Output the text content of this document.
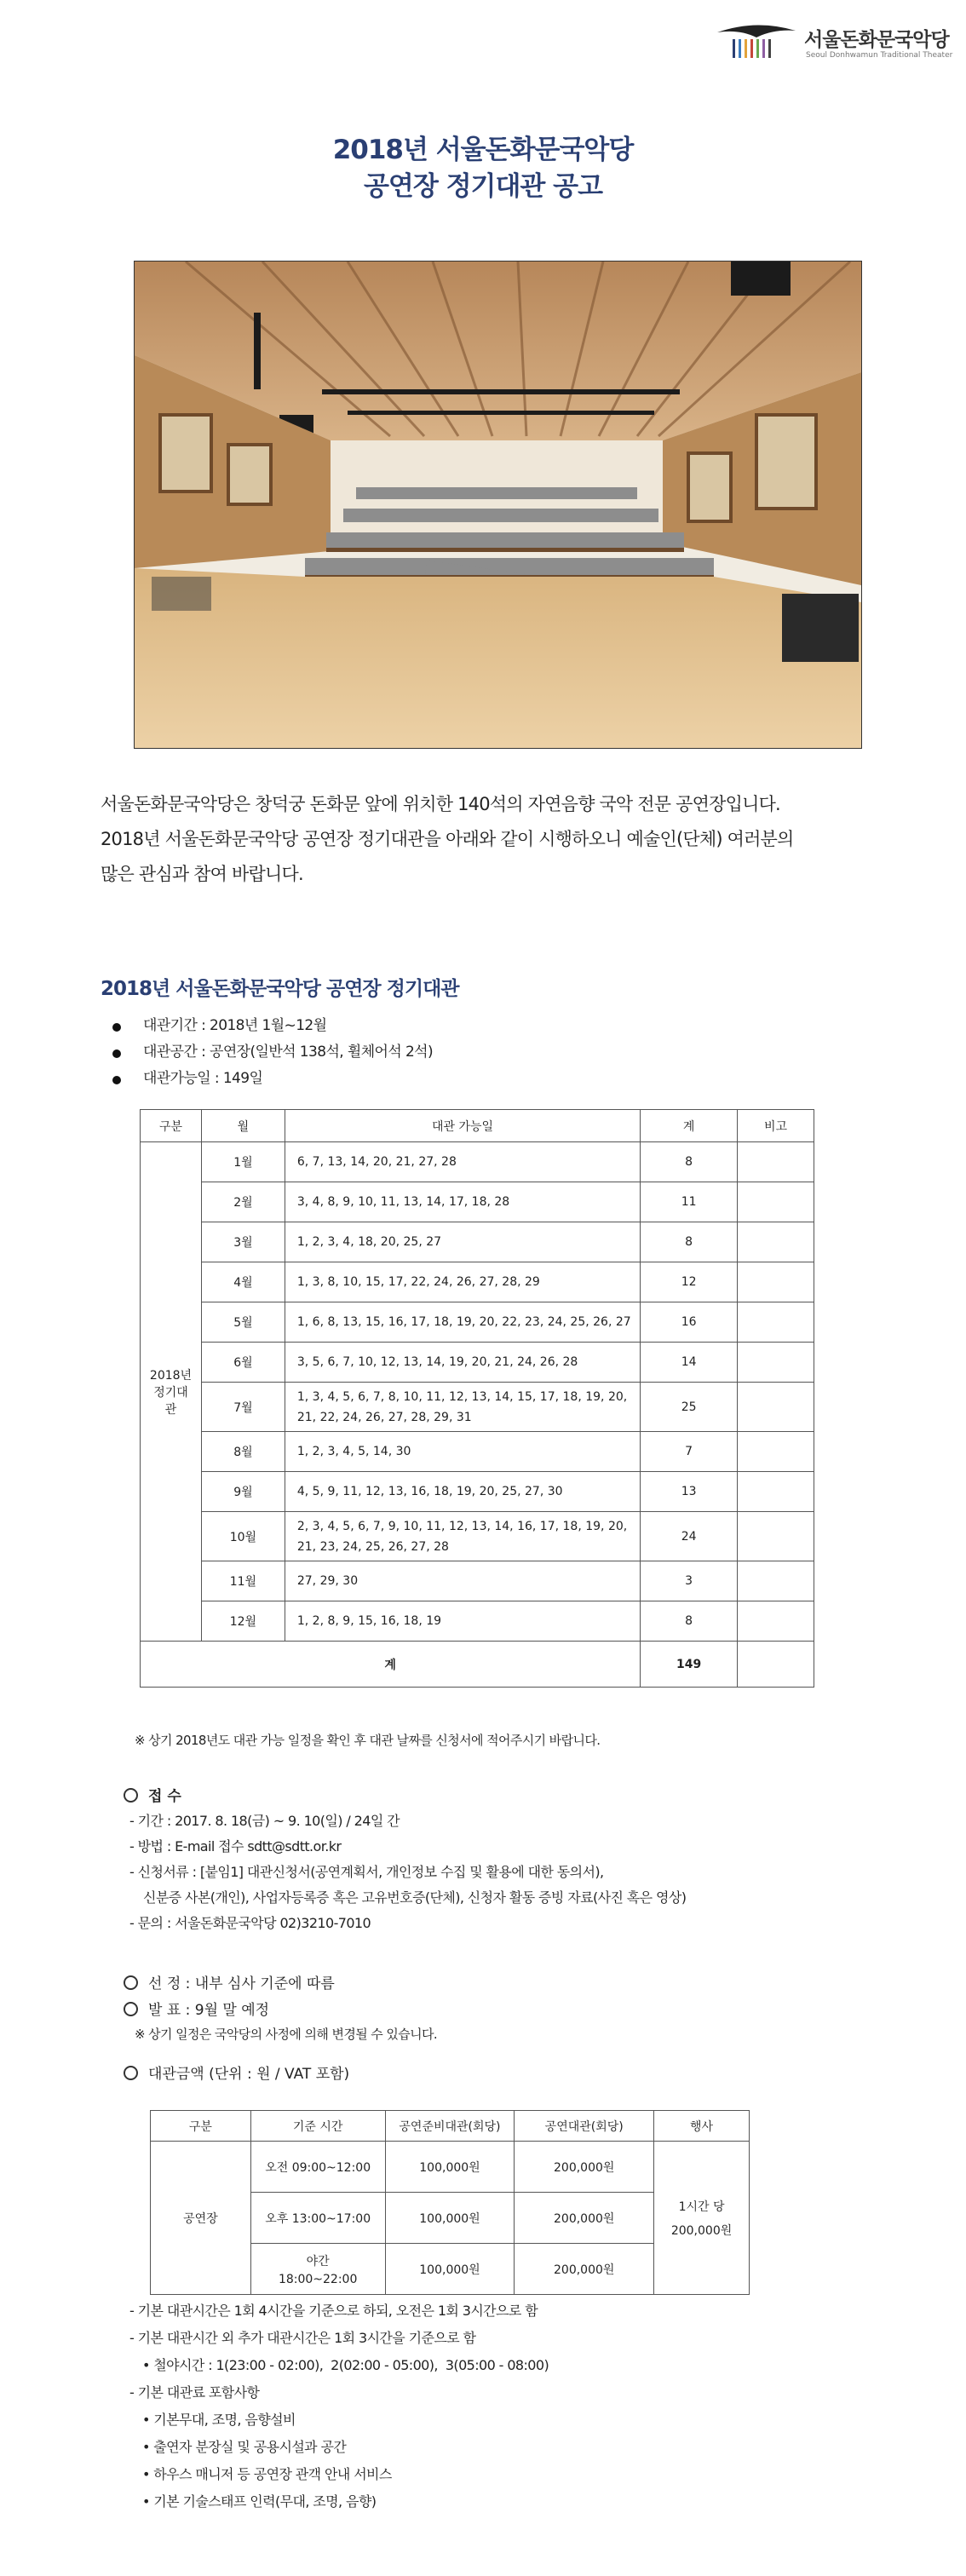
서울돈화문국악당
Seoul Donhwamun Traditional Theater
2018년 서울돈화문국악당
공연장 정기대관 공고
서울돈화문국악당은 창덕궁 돈화문 앞에 위치한 140석의 자연음향 국악 전문 공연장입니다.
2018년 서울돈화문국악당 공연장 정기대관을 아래와 같이 시행하오니 예술인(단체) 여러분의
많은 관심과 참여 바랍니다.
2018년 서울돈화문국악당 공연장 정기대관
대관기간 : 2018년 1월~12월
대관공간 : 공연장(일반석 138석, 휠체어석 2석)
대관가능일 : 149일
구분	월	대관 가능일	계	비고

2018년
정기대관	1월	6, 7, 13, 14, 20, 21, 27, 28	8	
	2월	3, 4, 8, 9, 10, 11, 13, 14, 17, 18, 28	11	
	3월	1, 2, 3, 4, 18, 20, 25, 27	8	
	4월	1, 3, 8, 10, 15, 17, 22, 24, 26, 27, 28, 29	12	
	5월	1, 6, 8, 13, 15, 16, 17, 18, 19, 20, 22, 23, 24, 25, 26, 27	16	
	6월	3, 5, 6, 7, 10, 12, 13, 14, 19, 20, 21, 24, 26, 28	14	
	7월	1, 3, 4, 5, 6, 7, 8, 10, 11, 12, 13, 14, 15, 17, 18, 19, 20,
21, 22, 24, 26, 27, 28, 29, 31	25	
	8월	1, 2, 3, 4, 5, 14, 30	7	
	9월	4, 5, 9, 11, 12, 13, 16, 18, 19, 20, 25, 27, 30	13	
	10월	2, 3, 4, 5, 6, 7, 9, 10, 11, 12, 13, 14, 16, 17, 18, 19, 20,
21, 23, 24, 25, 26, 27, 28	24	
	11월	27, 29, 30	3	
	12월	1, 2, 8, 9, 15, 16, 18, 19	8	
계			149	
※ 상기 2018년도 대관 가능 일정을 확인 후 대관 날짜를 신청서에 적어주시기 바랍니다.
접 수
- 기간 : 2017. 8. 18(금) ~ 9. 10(일) / 24일 간
- 방법 : E-mail 접수 sdtt@sdtt.or.kr
- 신청서류 : [붙임1] 대관신청서(공연계획서, 개인정보 수집 및 활용에 대한 동의서),
신분증 사본(개인), 사업자등록증 혹은 고유번호증(단체), 신청자 활동 증빙 자료(사진 혹은 영상)
- 문의 : 서울돈화문국악당 02)3210-7010
선 정 : 내부 심사 기준에 따름
발 표 : 9월 말 예정
※ 상기 일정은 국악당의 사정에 의해 변경될 수 있습니다.
대관금액 (단위 : 원 / VAT 포함)
구분	기준 시간	공연준비대관(회당)	공연대관(회당)	행사
공연장	오전 09:00~12:00	100,000원	200,000원	1시간 당
200,000원

	오후 13:00~17:00	100,000원	200,000원	

	야간
18:00~22:00	100,000원	200,000원	
- 기본 대관시간은 1회 4시간을 기준으로 하되, 오전은 1회 3시간으로 함
- 기본 대관시간 외 추가 대관시간은 1회 3시간을 기준으로 함
• 철야시간 : 1(23:00 - 02:00),  2(02:00 - 05:00),  3(05:00 - 08:00)
- 기본 대관료 포함사항
• 기본무대, 조명, 음향설비
• 출연자 분장실 및 공용시설과 공간
• 하우스 매니저 등 공연장 관객 안내 서비스
• 기본 기술스태프 인력(무대, 조명, 음향)
